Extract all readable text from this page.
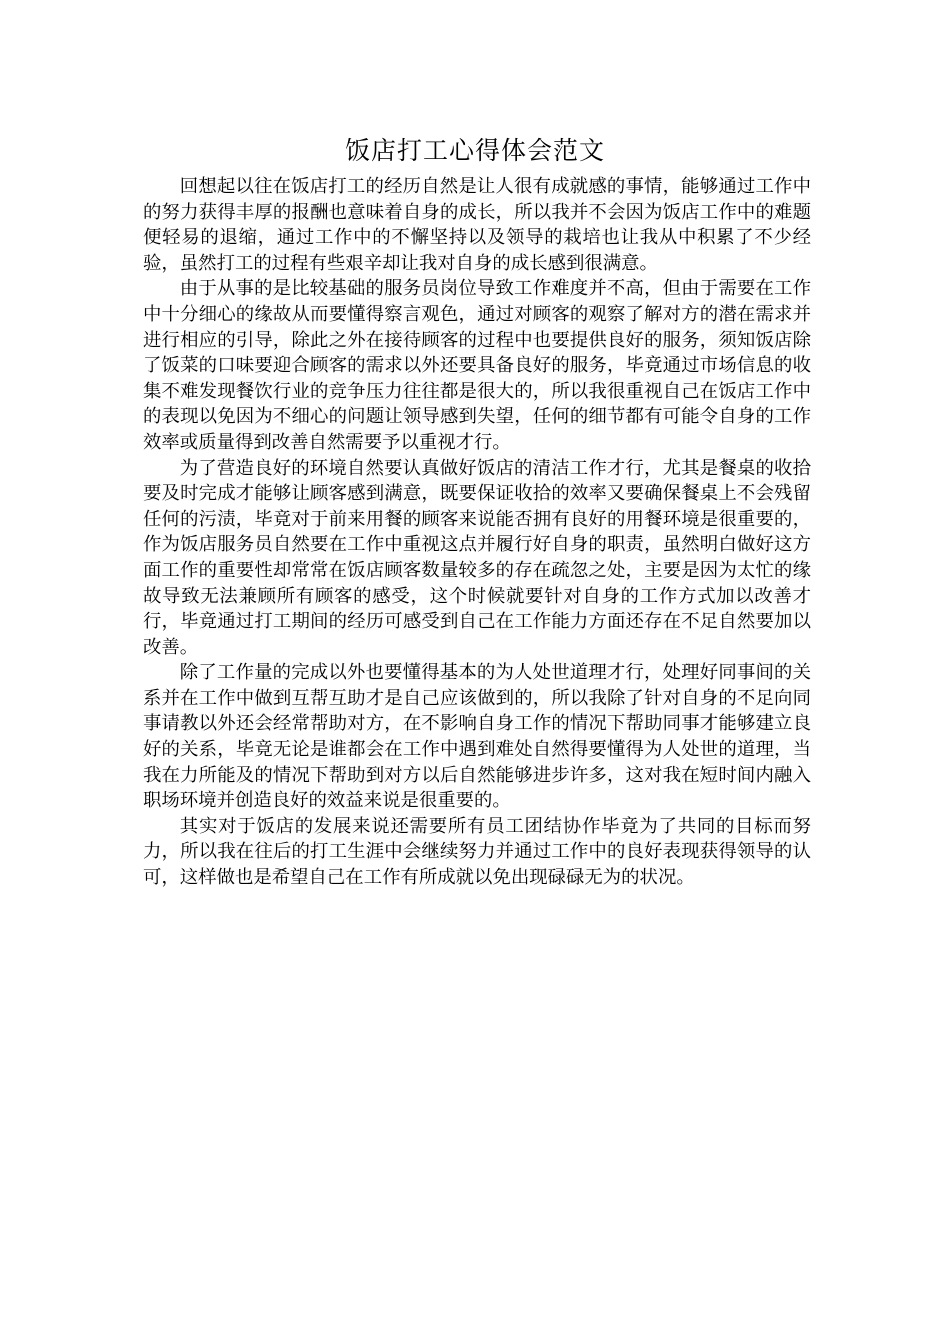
饭店打工心得体会范文

回想起以往在饭店打工的经历自然是让人很有成就感的事情，能够通过工作中的努力获得丰厚的报酬也意味着自身的成长，所以我并不会因为饭店工作中的难题便轻易的退缩，通过工作中的不懈坚持以及领导的栽培也让我从中积累了不少经验，虽然打工的过程有些艰辛却让我对自身的成长感到很满意。

由于从事的是比较基础的服务员岗位导致工作难度并不高，但由于需要在工作中十分细心的缘故从而要懂得察言观色，通过对顾客的观察了解对方的潜在需求并进行相应的引导，除此之外在接待顾客的过程中也要提供良好的服务，须知饭店除了饭菜的口味要迎合顾客的需求以外还要具备良好的服务，毕竟通过市场信息的收集不难发现餐饮行业的竞争压力往往都是很大的，所以我很重视自己在饭店工作中的表现以免因为不细心的问题让领导感到失望，任何的细节都有可能令自身的工作效率或质量得到改善自然需要予以重视才行。

为了营造良好的环境自然要认真做好饭店的清洁工作才行，尤其是餐桌的收拾要及时完成才能够让顾客感到满意，既要保证收拾的效率又要确保餐桌上不会残留任何的污渍，毕竟对于前来用餐的顾客来说能否拥有良好的用餐环境是很重要的，作为饭店服务员自然要在工作中重视这点并履行好自身的职责，虽然明白做好这方面工作的重要性却常常在饭店顾客数量较多的存在疏忽之处，主要是因为太忙的缘故导致无法兼顾所有顾客的感受，这个时候就要针对自身的工作方式加以改善才行，毕竟通过打工期间的经历可感受到自己在工作能力方面还存在不足自然要加以改善。

除了工作量的完成以外也要懂得基本的为人处世道理才行，处理好同事间的关系并在工作中做到互帮互助才是自己应该做到的，所以我除了针对自身的不足向同事请教以外还会经常帮助对方，在不影响自身工作的情况下帮助同事才能够建立良好的关系，毕竟无论是谁都会在工作中遇到难处自然得要懂得为人处世的道理，当我在力所能及的情况下帮助到对方以后自然能够进步许多，这对我在短时间内融入职场环境并创造良好的效益来说是很重要的。

其实对于饭店的发展来说还需要所有员工团结协作毕竟为了共同的目标而努力，所以我在往后的打工生涯中会继续努力并通过工作中的良好表现获得领导的认可，这样做也是希望自己在工作有所成就以免出现碌碌无为的状况。
